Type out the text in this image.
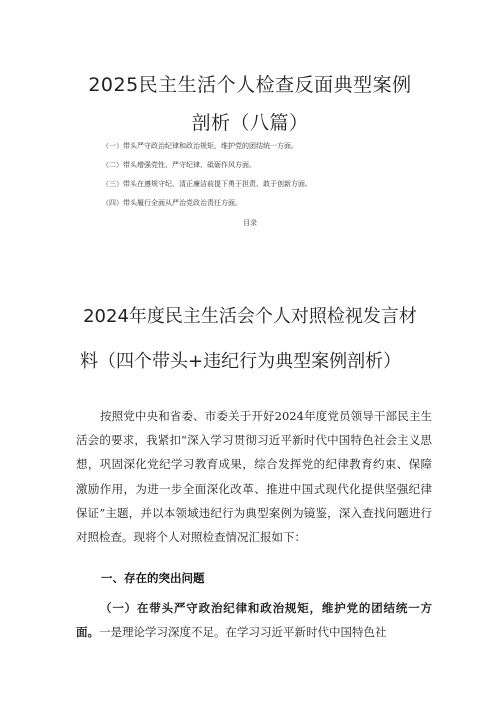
2025民主生活个人检查反面典型案例
剖析（八篇）
（一）带头严守政治纪律和政治规矩，维护党的团结统一方面。
（二）带头增强党性、严守纪律、砥砺作风方面。
（三）带头在遵规守纪、清正廉洁前提下勇于担责、敢于创新方面。
（四）带头履行全面从严治党政治责任方面。
目录
2024年度民主生活会个人对照检视发言材
料（四个带头+违纪行为典型案例剖析）
按照党中央和省委、市委关于开好2024年度党员领导干部民主生活会的要求，我紧扣“深入学习贯彻习近平新时代中国特色社会主义思想，巩固深化党纪学习教育成果，综合发挥党的纪律教育约束、保障激励作用，为进一步全面深化改革、推进中国式现代化提供坚强纪律保证”主题，并以本领域违纪行为典型案例为镜鉴，深入查找问题进行对照检查。现将个人对照检查情况汇报如下：
一、存在的突出问题
（一）在带头严守政治纪律和政治规矩，维护党的团结统一方面。一是理论学习深度不足。在学习习近平新时代中国特色社
